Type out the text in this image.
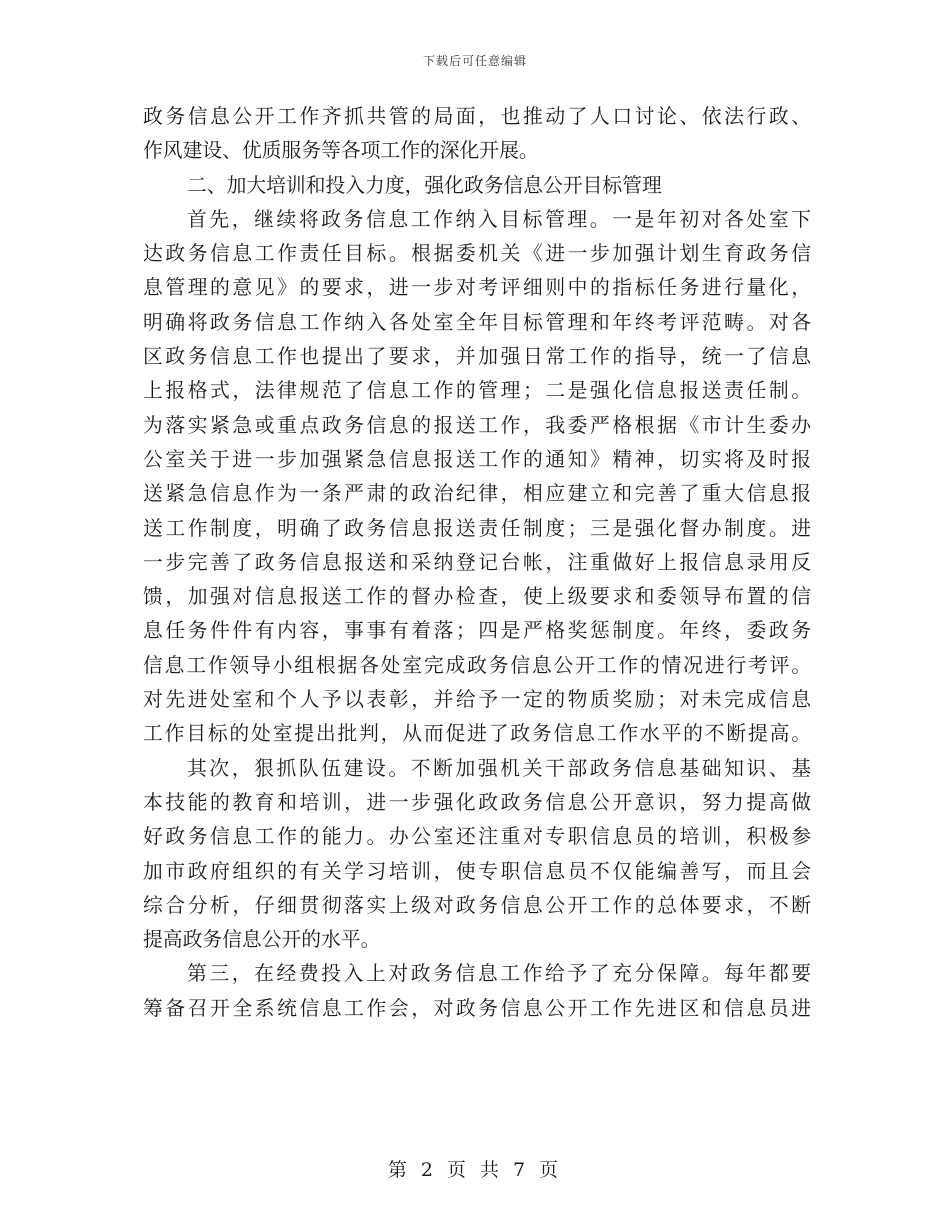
下载后可任意编辑
政务信息公开工作齐抓共管的局面，也推动了人口讨论、依法行政、
作风建设、优质服务等各项工作的深化开展。
二、加大培训和投入力度，强化政务信息公开目标管理
首先，继续将政务信息工作纳入目标管理。一是年初对各处室下
达政务信息工作责任目标。根据委机关《进一步加强计划生育政务信
息管理的意见》的要求，进一步对考评细则中的指标任务进行量化，
明确将政务信息工作纳入各处室全年目标管理和年终考评范畴。对各
区政务信息工作也提出了要求，并加强日常工作的指导，统一了信息
上报格式，法律规范了信息工作的管理；二是强化信息报送责任制。
为落实紧急或重点政务信息的报送工作，我委严格根据《市计生委办
公室关于进一步加强紧急信息报送工作的通知》精神，切实将及时报
送紧急信息作为一条严肃的政治纪律，相应建立和完善了重大信息报
送工作制度，明确了政务信息报送责任制度；三是强化督办制度。进
一步完善了政务信息报送和采纳登记台帐，注重做好上报信息录用反
馈，加强对信息报送工作的督办检查，使上级要求和委领导布置的信
息任务件件有内容，事事有着落；四是严格奖惩制度。年终，委政务
信息工作领导小组根据各处室完成政务信息公开工作的情况进行考评。
对先进处室和个人予以表彰，并给予一定的物质奖励；对未完成信息
工作目标的处室提出批判，从而促进了政务信息工作水平的不断提高。
其次，狠抓队伍建设。不断加强机关干部政务信息基础知识、基
本技能的教育和培训，进一步强化政政务信息公开意识，努力提高做
好政务信息工作的能力。办公室还注重对专职信息员的培训，积极参
加市政府组织的有关学习培训，使专职信息员不仅能编善写，而且会
综合分析，仔细贯彻落实上级对政务信息公开工作的总体要求，不断
提高政务信息公开的水平。
第三，在经费投入上对政务信息工作给予了充分保障。每年都要
筹备召开全系统信息工作会，对政务信息公开工作先进区和信息员进
第 2 页 共 7 页
